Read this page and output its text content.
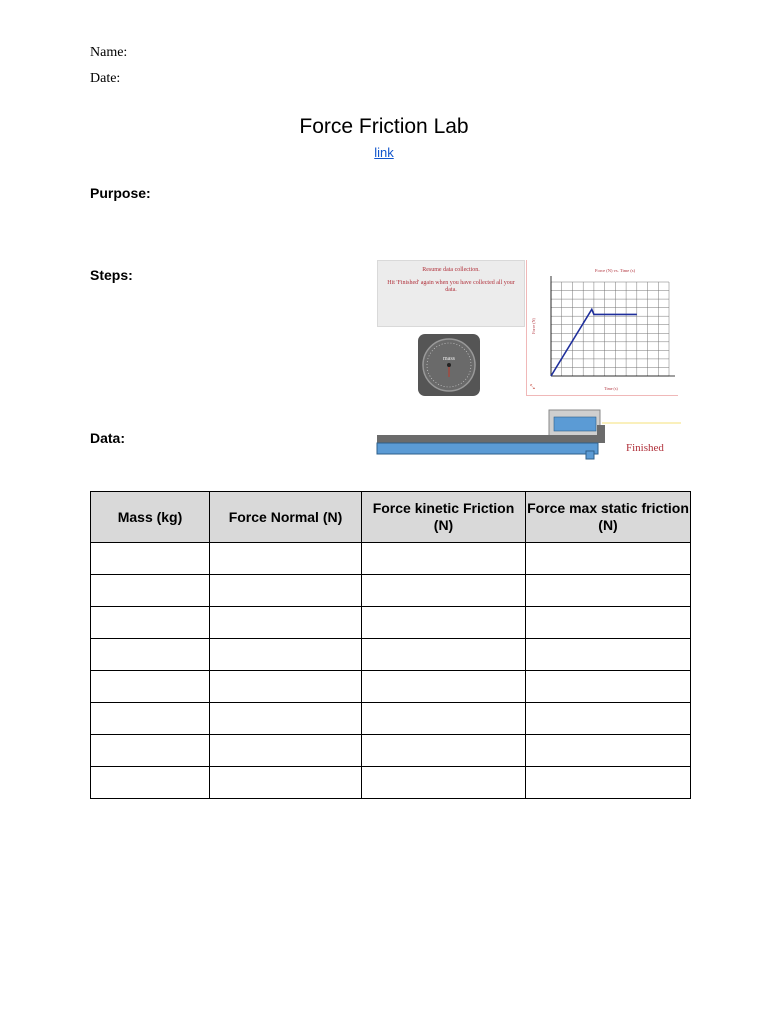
Name:
Date:
Force Friction Lab
link
Purpose:
Steps:
Data:
Resume data collection.
Hit 'Finished' again when you have collected all your data.
mass
Force (N) vs. Time (s)
Force (N)
Time (s)
⤡
Finished
Mass (kg)	Force Normal (N)	Force kinetic Friction (N)	Force max static friction (N)
